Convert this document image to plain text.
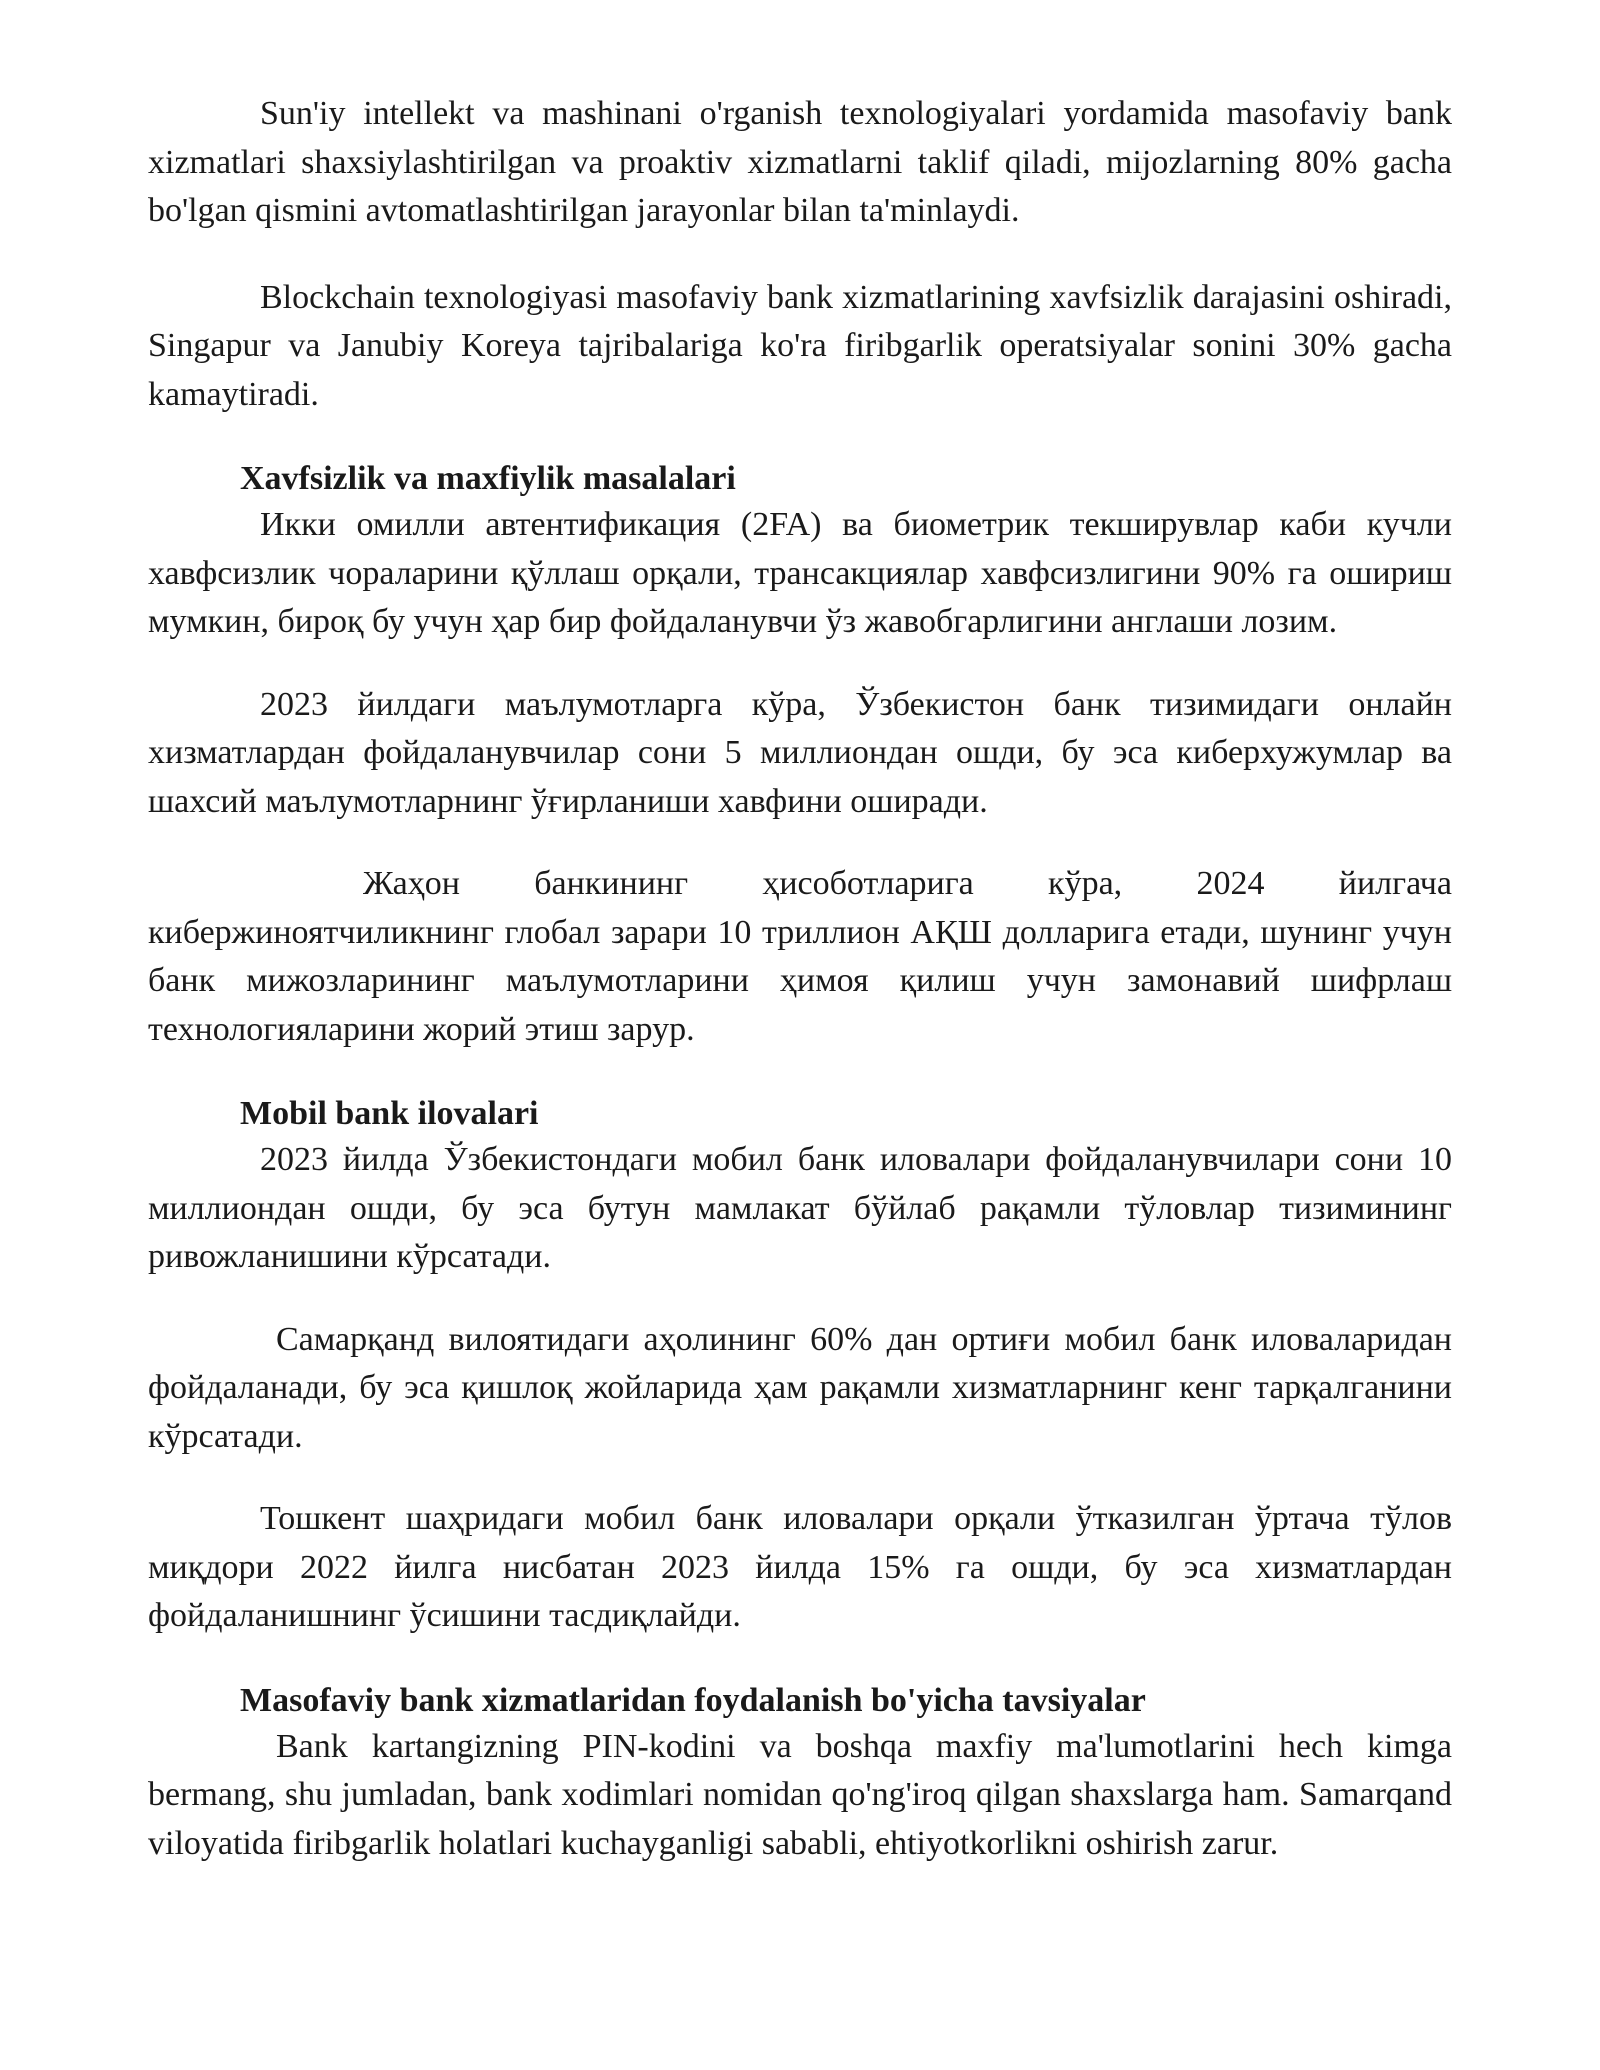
Sun'iy intellekt va mashinani o'rganish texnologiyalari yordamida masofaviy bank xizmatlari shaxsiylashtirilgan va proaktiv xizmatlarni taklif qiladi, mijozlarning 80% gacha bo'lgan qismini avtomatlashtirilgan jarayonlar bilan ta'minlaydi.

Blockchain texnologiyasi masofaviy bank xizmatlarining xavfsizlik darajasini oshiradi, Singapur va Janubiy Koreya tajribalariga ko'ra firibgarlik operatsiyalar sonini 30% gacha kamaytiradi.

Xavfsizlik va maxfiylik masalalari

Икки омилли автентификация (2FA) ва биометрик текширувлар каби кучли хавфсизлик чораларини қўллаш орқали, трансакциялар хавфсизлигини 90% га ошириш мумкин, бироқ бу учун ҳар бир фойдаланувчи ўз жавобгарлигини англаши лозим.

2023 йилдаги маълумотларга кўра, Ўзбекистон банк тизимидаги онлайн хизматлардан фойдаланувчилар сони 5 миллиондан ошди, бу эса киберхужумлар ва шахсий маълумотларнинг ўғирланиши хавфини оширади.

Жаҳон банкининг ҳисоботларига кўра, 2024 йилгача кибержиноятчиликнинг глобал зарари 10 триллион АҚШ долларига етади, шунинг учун банк мижозларининг маълумотларини ҳимоя қилиш учун замонавий шифрлаш технологияларини жорий этиш зарур.

Mobil bank ilovalari

2023 йилда Ўзбекистондаги мобил банк иловалари фойдаланувчилари сони 10 миллиондан ошди, бу эса бутун мамлакат бўйлаб рақамли тўловлар тизимининг ривожланишини кўрсатади.

Самарқанд вилоятидаги аҳолининг 60% дан ортиғи мобил банк иловаларидан фойдаланади, бу эса қишлоқ жойларида ҳам рақамли хизматларнинг кенг тарқалганини кўрсатади.

Тошкент шаҳридаги мобил банк иловалари орқали ўтказилган ўртача тўлов миқдори 2022 йилга нисбатан 2023 йилда 15% га ошди, бу эса хизматлардан фойдаланишнинг ўсишини тасдиқлайди.

Masofaviy bank xizmatlaridan foydalanish bo'yicha tavsiyalar

Bank kartangizning PIN-kodini va boshqa maxfiy ma'lumotlarini hech kimga bermang, shu jumladan, bank xodimlari nomidan qo'ng'iroq qilgan shaxslarga ham. Samarqand viloyatida firibgarlik holatlari kuchayganligi sababli, ehtiyotkorlikni oshirish zarur.
